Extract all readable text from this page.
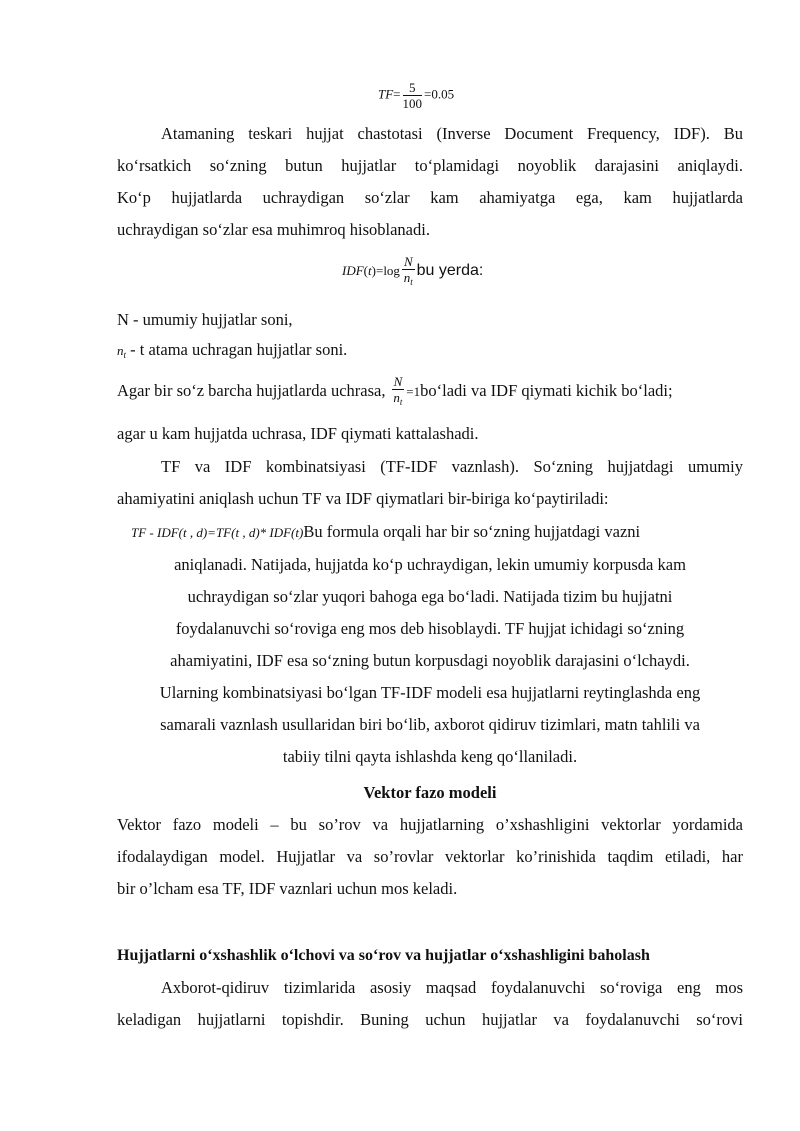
$TF= \frac{5}{100} =0.05$
Atamaning teskari hujjat chastotasi (Inverse Document Frequency, IDF). Bu
ko‘rsatkich so‘zning butun hujjatlar to‘plamidagi noyoblik darajasini aniqlaydi.
Ko‘p hujjatlarda uchraydigan so‘zlar kam ahamiyatga ega, kam hujjatlarda
uchraydigan so‘zlar esa muhimroq hisoblanadi.
$IDF(t)=\log \frac{N}{n_t}$ bu yerda:
N - umumiy hujjatlar soni,
$n_t$ - t atama uchragan hujjatlar soni.
Agar bir so‘z barcha hujjatlarda uchrasa, $\frac{N}{n_t}$ =1bo‘ladi va IDF qiymati kichik bo‘ladi;
agar u kam hujjatda uchrasa, IDF qiymati kattalashadi.
TF va IDF kombinatsiyasi (TF-IDF vaznlash). So‘zning hujjatdagi umumiy
ahamiyatini aniqlash uchun TF va IDF qiymatlari bir-biriga ko‘paytiriladi:
TF - IDF(t , d)=TF(t , d)* IDF(t)Bu formula orqali har bir so‘zning hujjatdagi vazni
aniqlanadi. Natijada, hujjatda ko‘p uchraydigan, lekin umumiy korpusda kam
uchraydigan so‘zlar yuqori bahoga ega bo‘ladi. Natijada tizim bu hujjatni
foydalanuvchi so‘roviga eng mos deb hisoblaydi. TF hujjat ichidagi so‘zning
ahamiyatini, IDF esa so‘zning butun korpusdagi noyoblik darajasini o‘lchaydi.
Ularning kombinatsiyasi bo‘lgan TF-IDF modeli esa hujjatlarni reytinglashda eng
samarali vaznlash usullaridan biri bo‘lib, axborot qidiruv tizimlari, matn tahlili va
tabiiy tilni qayta ishlashda keng qo‘llaniladi.
Vektor fazo modeli
Vektor fazo modeli – bu so’rov va hujjatlarning o’xshashligini vektorlar yordamida
ifodalaydigan model. Hujjatlar va so’rovlar vektorlar ko’rinishida taqdim etiladi, har
bir o’lcham esa TF, IDF vaznlari uchun mos keladi.
Hujjatlarni o‘xshashlik o‘lchovi va so‘rov va hujjatlar o‘xshashligini baholash
Axborot-qidiruv tizimlarida asosiy maqsad foydalanuvchi so‘roviga eng mos
keladigan hujjatlarni topishdir. Buning uchun hujjatlar va foydalanuvchi so‘rovi
